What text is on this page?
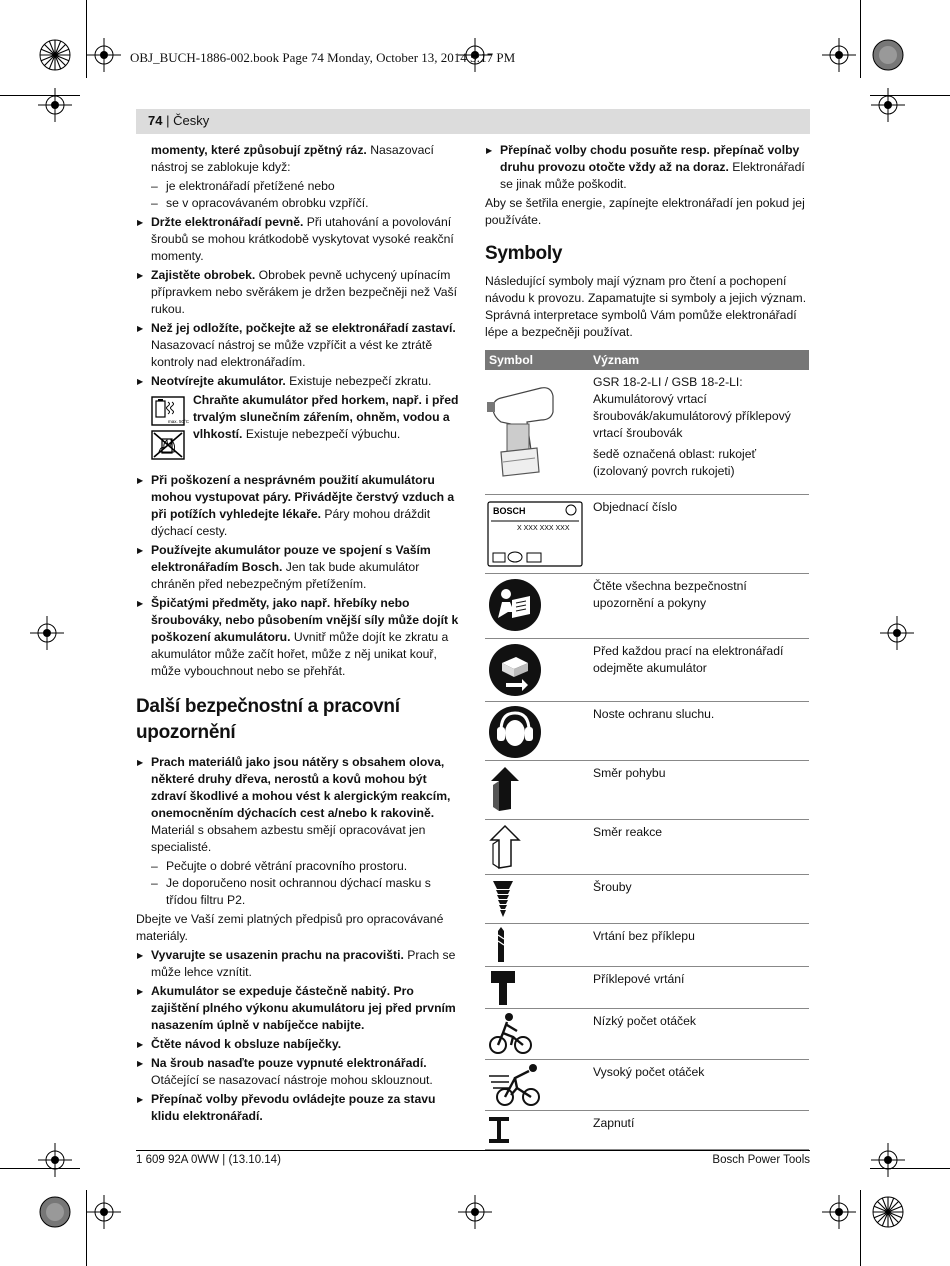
OBJ_BUCH-1886-002.book Page 74 Monday, October 13, 2014 5:17 PM
74 | Česky

momenty, které způsobují zpětný ráz. Nasazovací nástroj se zablokuje když:

– je elektronářadí přetížené nebo
– se v opracovávaném obrobku vzpříčí.
▶ Držte elektronářadí pevně. Při utahování a povolování šroubů se mohou krátkodobě vyskytovat vysoké reakční momenty.
▶ Zajistěte obrobek. Obrobek pevně uchycený upínacím přípravkem nebo svěrákem je držen bezpečněji než Vaší rukou.
▶ Než jej odložíte, počkejte až se elektronářadí zastaví. Nasazovací nástroj se může vzpříčit a vést ke ztrátě kontroly nad elektronářadím.
▶ Neotvírejte akumulátor. Existuje nebezpečí zkratu.
max. 50°C
Chraňte akumulátor před horkem, např. i před trvalým slunečním zářením, ohněm, vodou a vlhkostí. Existuje nebezpečí výbuchu.
▶ Při poškození a nesprávném použití akumulátoru mohou vystupovat páry. Přivádějte čerstvý vzduch a při potížích vyhledejte lékaře. Páry mohou dráždit dýchací cesty.
▶ Používejte akumulátor pouze ve spojení s Vaším elektronářadím Bosch. Jen tak bude akumulátor chráněn před nebezpečným přetížením.
▶ Špičatými předměty, jako např. hřebíky nebo šroubováky, nebo působením vnější síly může dojít k poškození akumulátoru. Uvnitř může dojít ke zkratu a akumulátor může začít hořet, může z něj unikat kouř, může vybouchnout nebo se přehřát.
Další bezpečnostní a pracovní upozornění
▶ Prach materiálů jako jsou nátěry s obsahem olova, některé druhy dřeva, nerostů a kovů mohou být zdraví škodlivé a mohou vést k alergickým reakcím, onemocněním dýchacích cest a/nebo k rakovině. Materiál s obsahem azbestu smějí opracovávat jen specialisté.
– Pečujte o dobré větrání pracovního prostoru.
– Je doporučeno nosit ochrannou dýchací masku s třídou filtru P2.

Dbejte ve Vaší zemi platných předpisů pro opracovávané materiály.

▶ Vyvarujte se usazenin prachu na pracovišti. Prach se může lehce vznítit.
▶ Akumulátor se expeduje částečně nabitý. Pro zajištění plného výkonu akumulátoru jej před prvním nasazením úplně v nabíječce nabijte.
▶ Čtěte návod k obsluze nabíječky.
▶ Na šroub nasaďte pouze vypnuté elektronářadí. Otáčející se nasazovací nástroje mohou sklouznout.
▶ Přepínač volby převodu ovládejte pouze za stavu klidu elektronářadí.
▶ Přepínač volby chodu posuňte resp. přepínač volby druhu provozu otočte vždy až na doraz. Elektronářadí se jinak může poškodit.

Aby se šetřila energie, zapínejte elektronářadí jen pokud jej používáte.

Symboly

Následující symboly mají význam pro čtení a pochopení návodu k provozu. Zapamatujte si symboly a jejich význam. Správná interpretace symbolů Vám pomůže elektronářadí lépe a bezpečněji používat.

Symbol	Význam
GSR 18-2-LI / GSB 18-2-LI: Akumulátorový vrtací šroubovák/akumulátorový příklepový vrtací šroubovák
šedě označená oblast: rukojeť (izolovaný povrch rukojeti)
BOSCH
X XXX XXX XXX
Objednací číslo
Čtěte všechna bezpečnostní upozornění a pokyny
Před každou prací na elektronářadí odejměte akumulátor
Noste ochranu sluchu.
Směr pohybu
Směr reakce
Šrouby
Vrtání bez příklepu
Příklepové vrtání
Nízký počet otáček
Vysoký počet otáček
Zapnutí
1 609 92A 0WW | (13.10.14)	Bosch Power Tools
